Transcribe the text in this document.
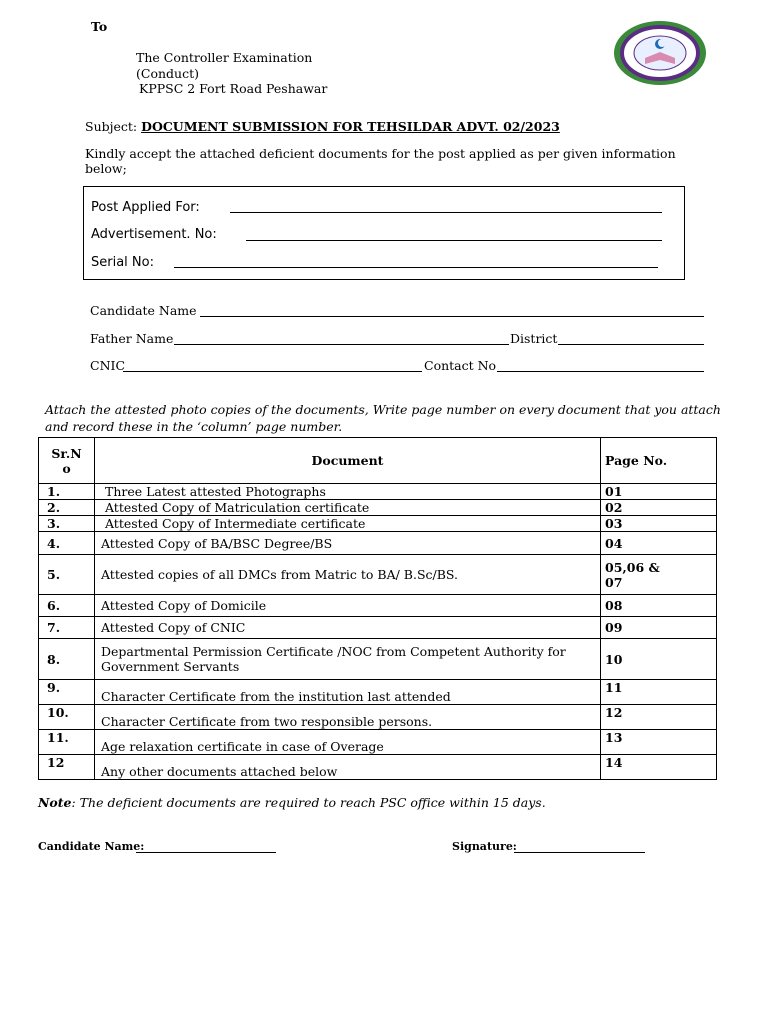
To
The Controller Examination
(Conduct)
KPPSC 2 Fort Road Peshawar
Subject: DOCUMENT SUBMISSION FOR TEHSILDAR ADVT. 02/2023
Kindly accept the attached deficient documents for the post applied as per given information
below;
Post Applied For:
Advertisement. No:
Serial No:
Candidate Name
Father Name	District
CNIC	Contact No
Attach the attested photo copies of the documents, Write page number on every document that you attach
and record these in the ‘column’ page number.
Sr.N
o	Document	Page No.
1.	Three Latest attested Photographs	01
2.	Attested Copy of Matriculation certificate	02
3.	Attested Copy of Intermediate certificate	03
4.	Attested Copy of BA/BSC Degree/BS	04
5.	Attested copies of all DMCs from Matric to BA/ B.Sc/BS.	05,06 &
07

6.	Attested Copy of Domicile	08
7.	Attested Copy of CNIC	09
8.	Departmental Permission Certificate /NOC from Competent Authority for
Government Servants	10
9.	Character Certificate from the institution last attended	11
10.	Character Certificate from two responsible persons.	12
11.	Age relaxation certificate in case of Overage	13
12	Any other documents attached below	14
Note: The deficient documents are required to reach PSC office within 15 days.
Candidate Name:	Signature:
